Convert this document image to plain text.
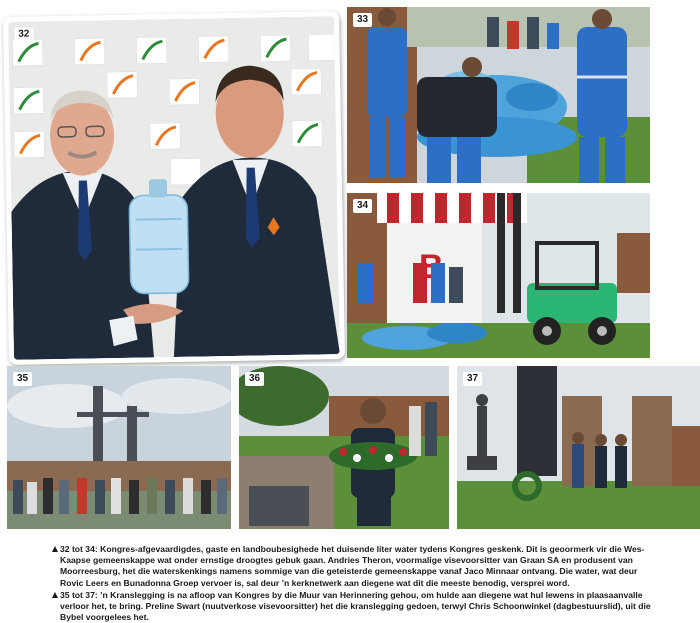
32
33
34
35	36	37

32 tot 34: Kongres-afgevaardigdes, gaste en landboubesighede het duisende liter water tydens Kongres geskenk. Dit is geoormerk vir die Wes-Kaapse gemeenskappe wat onder ernstige droogtes gebuk gaan. Andries Theron, voormalige visevoorsitter van Graan SA en produsent van Moorreesburg, het die waterskenkings namens sommige van die geteisterde gemeenskappe vanaf Jaco Minnaar ontvang. Die water, wat deur Rovic Leers en Bunadonna Groep vervoer is, sal deur ’n kerknetwerk aan diegene wat dit die meeste benodig, versprei word.

35 tot 37: ’n Kranslegging is na afloop van Kongres by die Muur van Herinnering gehou, om hulde aan diegene wat hul lewens in plaasaanvalle verloor het, te bring. Preline Swart (nuutverkose visevoorsitter) het die kranslegging gedoen, terwyl Chris Schoonwinkel (dagbestuurslid), uit die Bybel voorgelees het.
